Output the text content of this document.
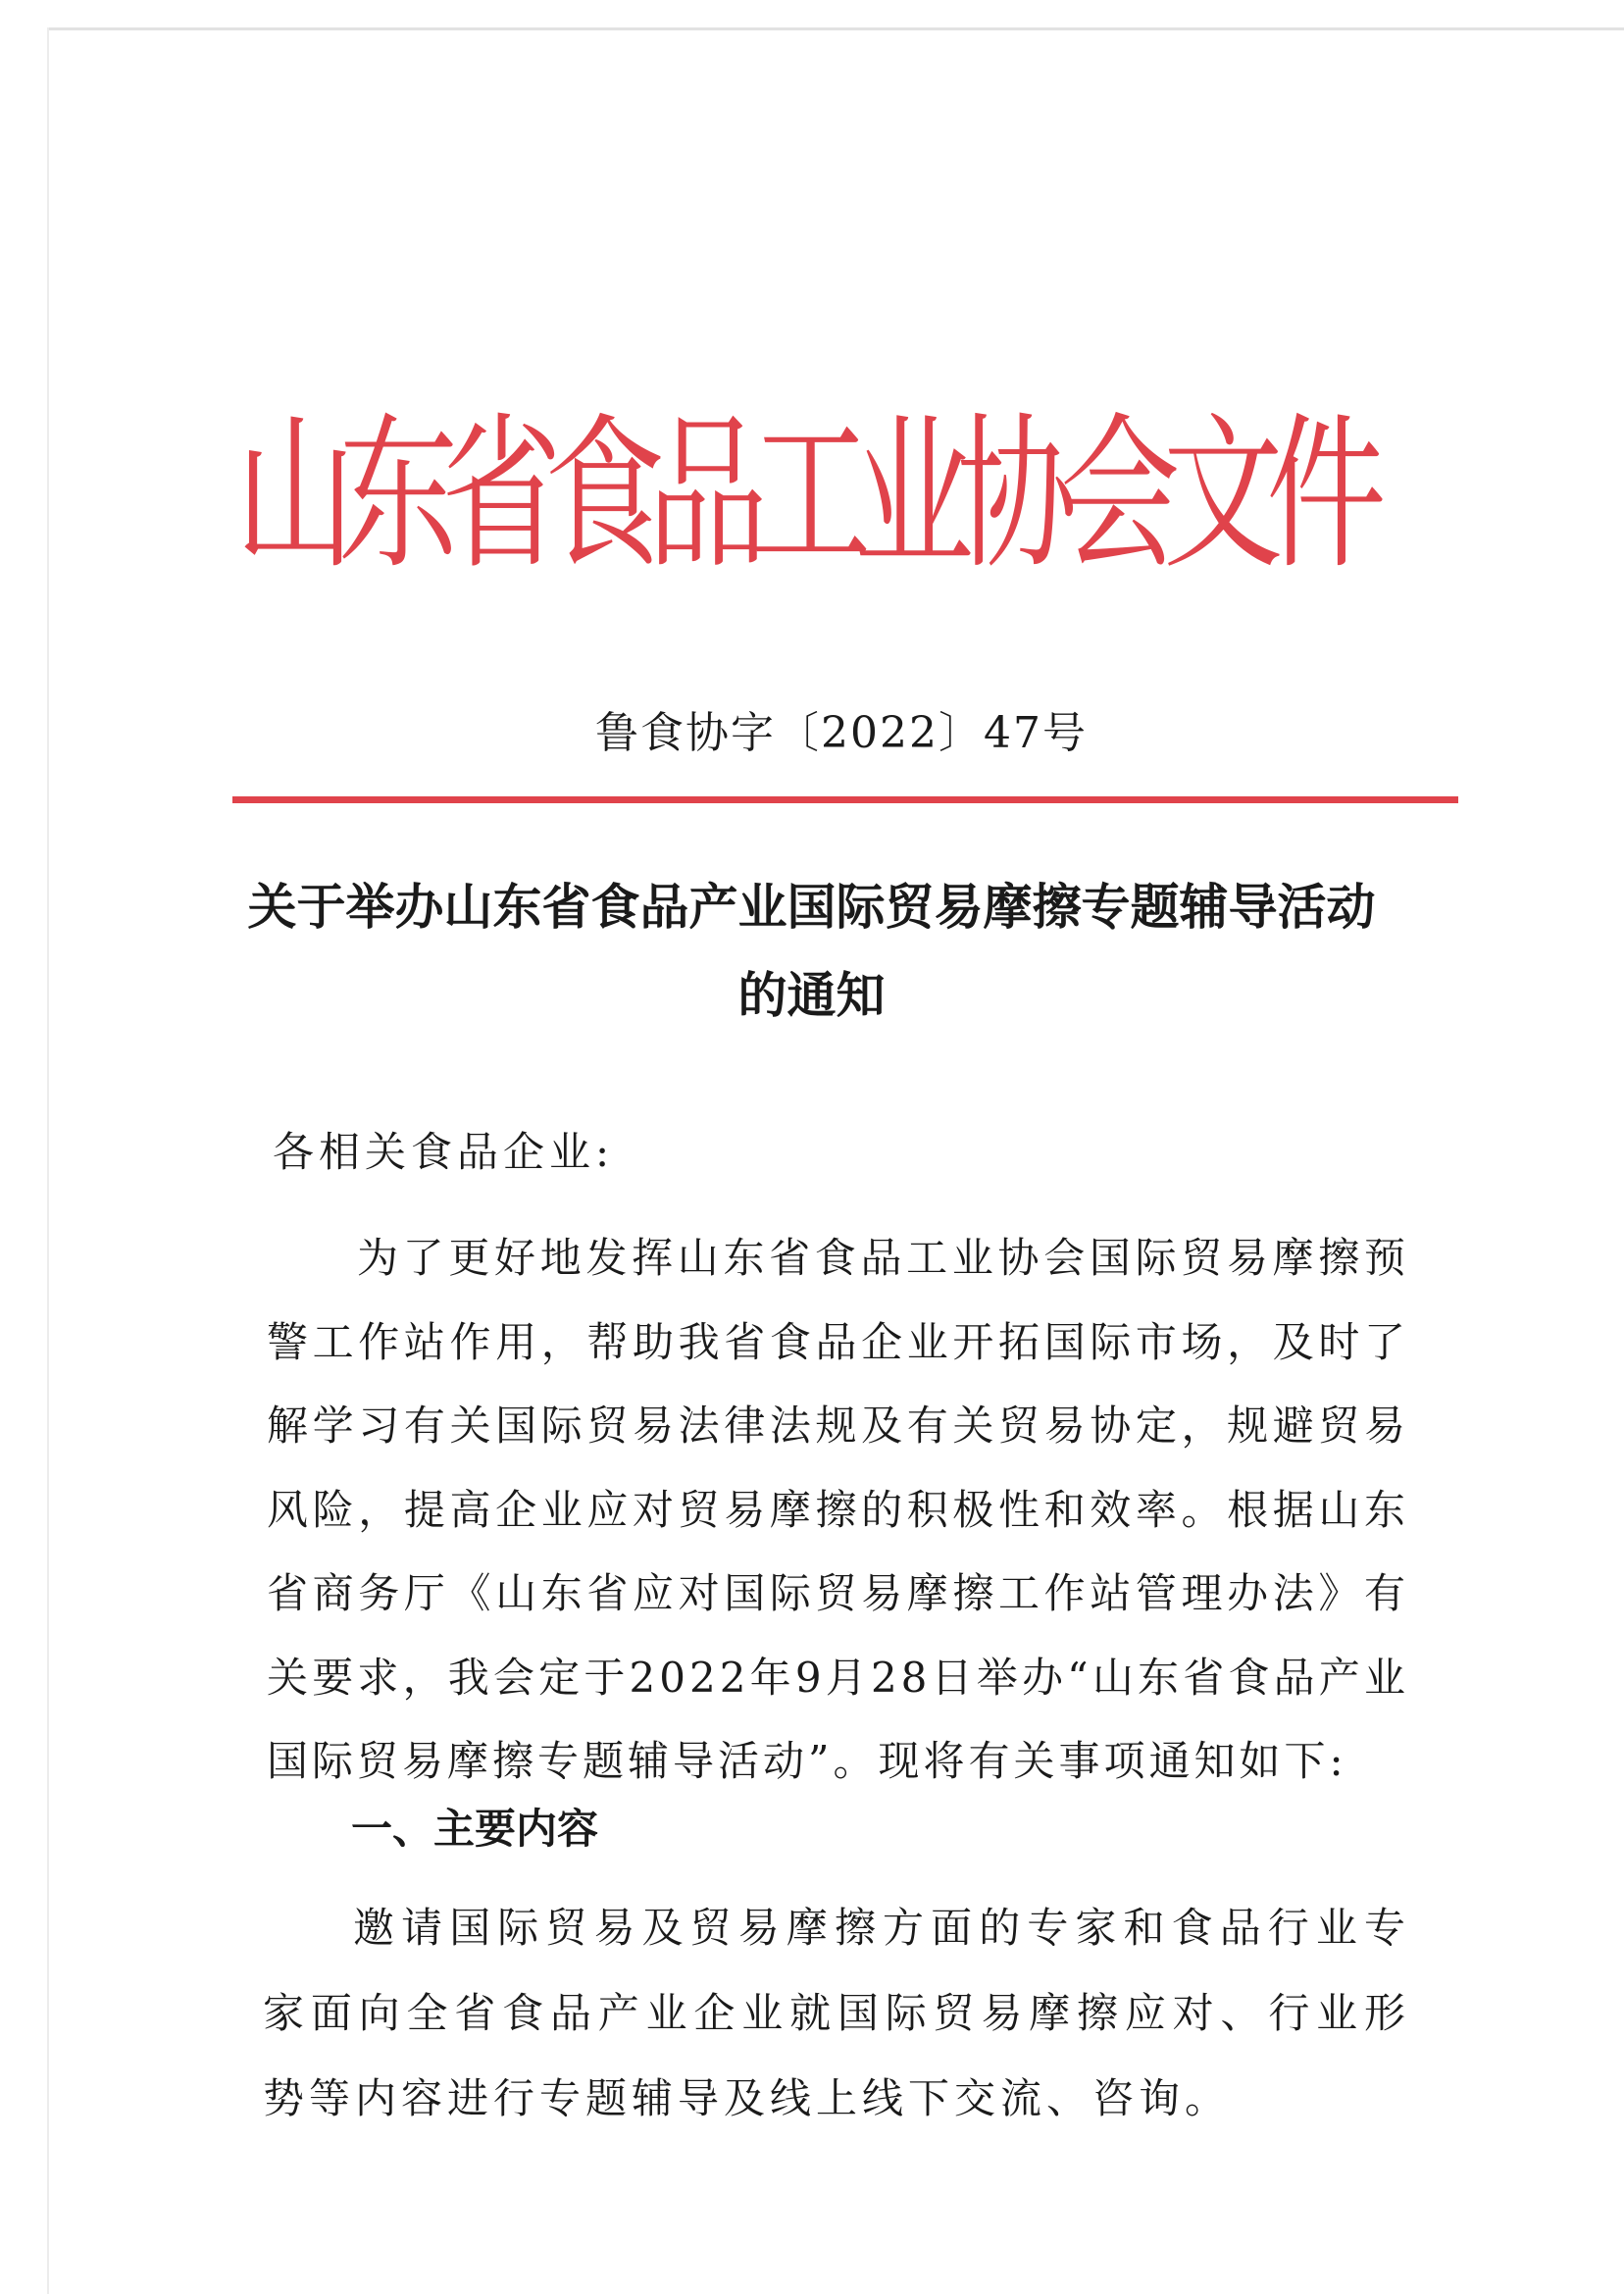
山东省食品工业协会文件
鲁食协字〔2022〕47号
关于举办山东省食品产业国际贸易摩擦专题辅导活动的通知
各相关食品企业:
为了更好地发挥山东省食品工业协会国际贸易摩擦预警工作站作用，帮助我省食品企业开拓国际市场，及时了解学习有关国际贸易法律法规及有关贸易协定，规避贸易风险，提高企业应对贸易摩擦的积极性和效率。根据山东省商务厅《山东省应对国际贸易摩擦工作站管理办法》有关要求，我会定于2022年9月28日举办“山东省食品产业国际贸易摩擦专题辅导活动”。现将有关事项通知如下:
一、主要内容
邀请国际贸易及贸易摩擦方面的专家和食品行业专家面向全省食品产业企业就国际贸易摩擦应对、行业形势等内容进行专题辅导及线上线下交流、咨询。
